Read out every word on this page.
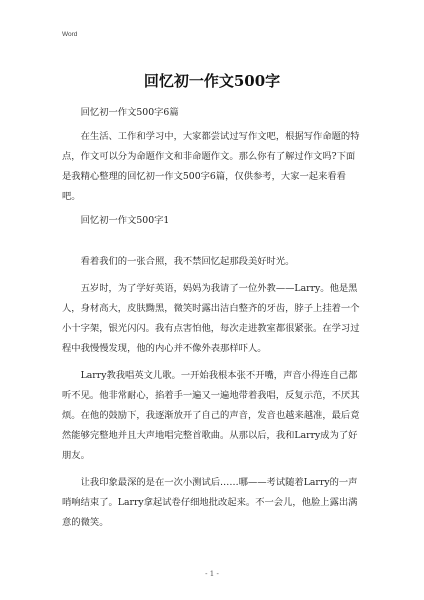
Word
回忆初一作文500字

回忆初一作文500字6篇

在生活、工作和学习中，大家都尝试过写作文吧，根据写作命题的特点，作文可以分为命题作文和非命题作文。那么你有了解过作文吗?下面是我精心整理的回忆初一作文500字6篇，仅供参考，大家一起来看看吧。

回忆初一作文500字1

看着我们的一张合照，我不禁回忆起那段美好时光。

五岁时，为了学好英语，妈妈为我请了一位外教——Larry。他是黑人，身材高大，皮肤黝黑，微笑时露出洁白整齐的牙齿，脖子上挂着一个小十字架，银光闪闪。我有点害怕他，每次走进教室都很紧张。在学习过程中我慢慢发现，他的内心并不像外表那样吓人。

Larry教我唱英文儿歌。一开始我根本张不开嘴，声音小得连自己都听不见。他非常耐心，掐着手一遍又一遍地带着我唱，反复示范，不厌其烦。在他的鼓励下，我逐渐放开了自己的声音，发音也越来越准，最后竟然能够完整地并且大声地唱完整首歌曲。从那以后，我和Larry成为了好朋友。

让我印象最深的是在一次小测试后……哪——考试随着Larry的一声哨响结束了。Larry拿起试卷仔细地批改起来。不一会儿，他脸上露出满意的微笑。

- 1 -
